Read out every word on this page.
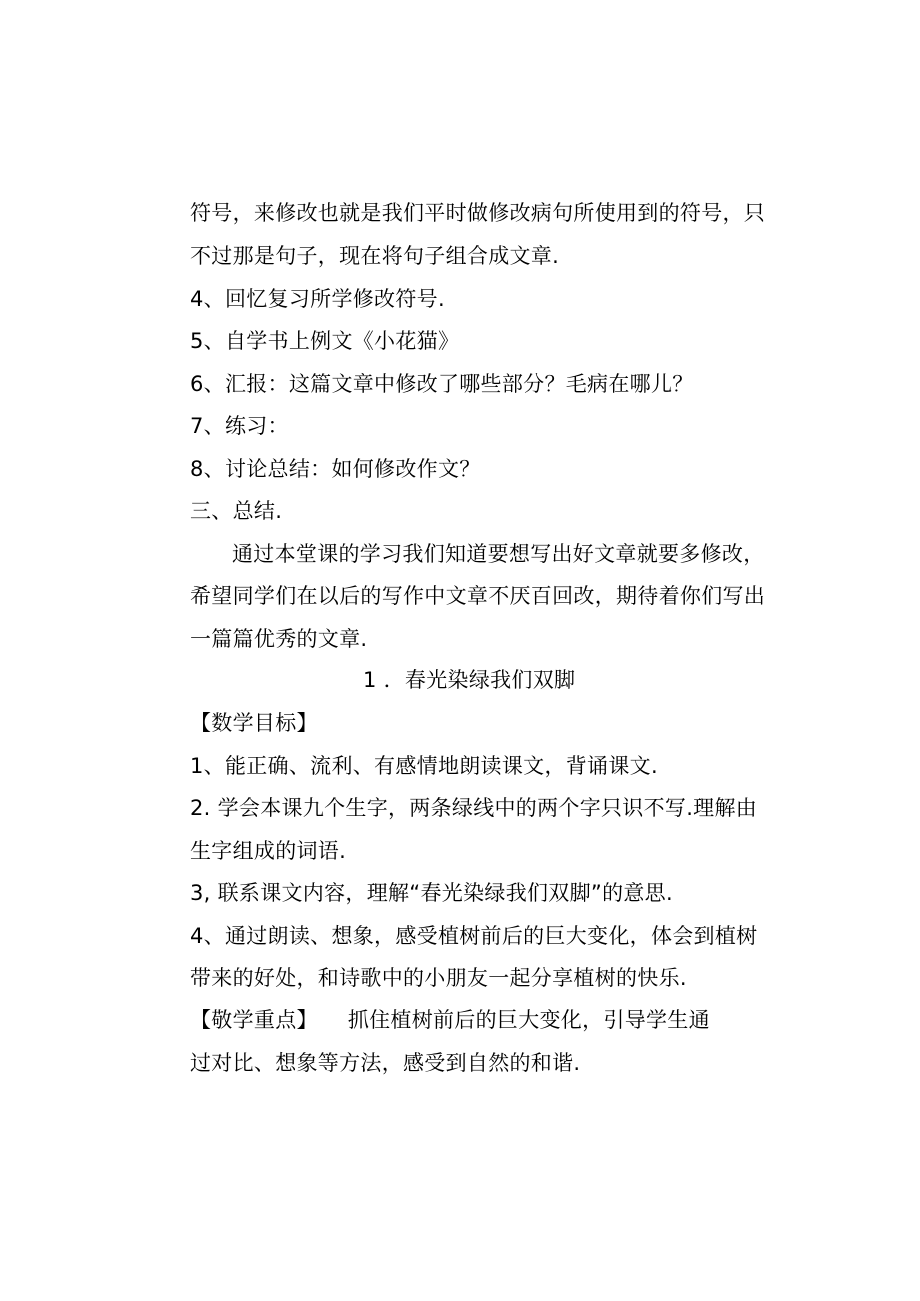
符号，来修改也就是我们平时做修改病句所使用到的符号，只
不过那是句子，现在将句子组合成文章.
4、回忆复习所学修改符号.
5、自学书上例文《小花猫》
6、汇报：这篇文章中修改了哪些部分？毛病在哪儿？
7、练习：
8、讨论总结：如何修改作文？
三、总结.
通过本堂课的学习我们知道要想写出好文章就要多修改，
希望同学们在以后的写作中文章不厌百回改，期待着你们写出
一篇篇优秀的文章.
1 ．春光染绿我们双脚
【数学目标】
1、能正确、流利、有感情地朗读课文，背诵课文.
2. 学会本课九个生字，两条绿线中的两个字只识不写.理解由
生字组成的词语.
3, 联系课文内容，理解“春光染绿我们双脚”的意思.
4、通过朗读、想象，感受植树前后的巨大变化，体会到植树
带来的好处，和诗歌中的小朋友一起分享植树的快乐.
【敬学重点】 抓住植树前后的巨大变化，引导学生通
过对比、想象等方法，感受到自然的和谐.
